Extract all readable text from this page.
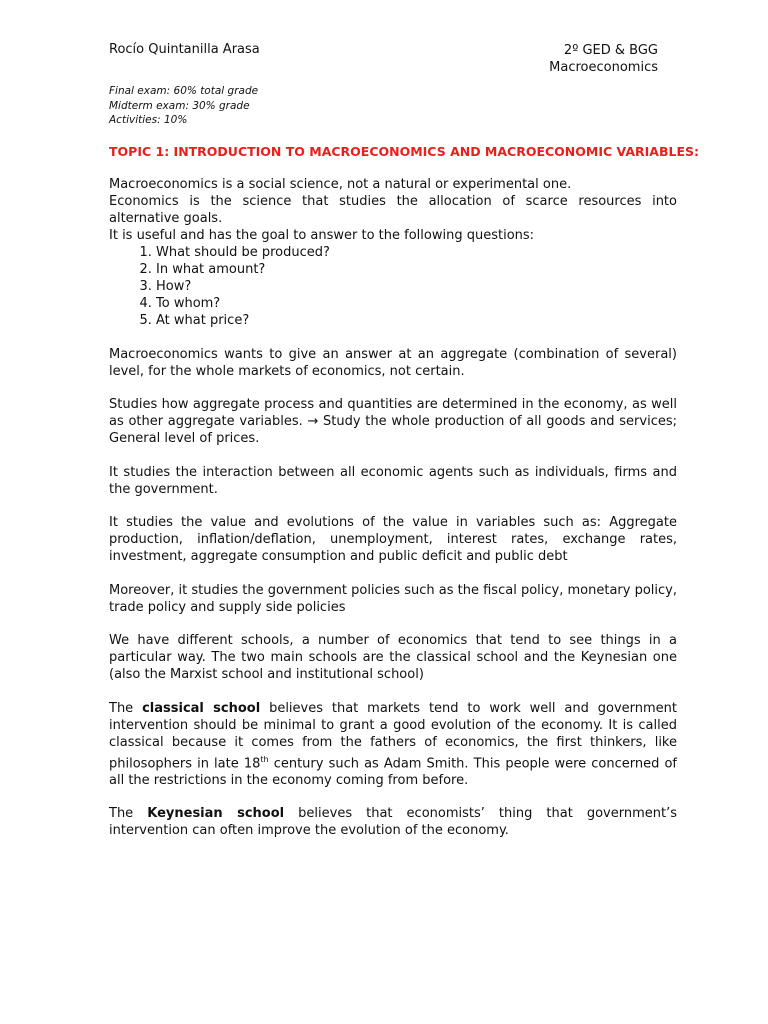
Rocío Quintanilla Arasa	2º GED & BGG
Macroeconomics
Final exam: 60% total grade
Midterm exam: 30% grade
Activities: 10%
TOPIC 1: INTRODUCTION TO MACROECONOMICS AND MACROECONOMIC VARIABLES:

Macroeconomics is a social science, not a natural or experimental one.

Economics is the science that studies the allocation of scarce resources into alternative goals.

It is useful and has the goal to answer to the following questions:

1. What should be produced?
2. In what amount?
3. How?
4. To whom?
5. At what price?

Macroeconomics wants to give an answer at an aggregate (combination of several) level, for the whole markets of economics, not certain.

Studies how aggregate process and quantities are determined in the economy, as well as other aggregate variables. → Study the whole production of all goods and services; General level of prices.

It studies the interaction between all economic agents such as individuals, firms and the government.

It studies the value and evolutions of the value in variables such as: Aggregate production, inflation/deflation, unemployment, interest rates, exchange rates, investment, aggregate consumption and public deficit and public debt

Moreover, it studies the government policies such as the fiscal policy, monetary policy, trade policy and supply side policies

We have different schools, a number of economics that tend to see things in a particular way. The two main schools are the classical school and the Keynesian one (also the Marxist school and institutional school)

The classical school believes that markets tend to work well and government intervention should be minimal to grant a good evolution of the economy. It is called classical because it comes from the fathers of economics, the first thinkers, like philosophers in late 18th century such as Adam Smith. This people were concerned of all the restrictions in the economy coming from before.

The Keynesian school believes that economists’ thing that government’s intervention can often improve the evolution of the economy.
